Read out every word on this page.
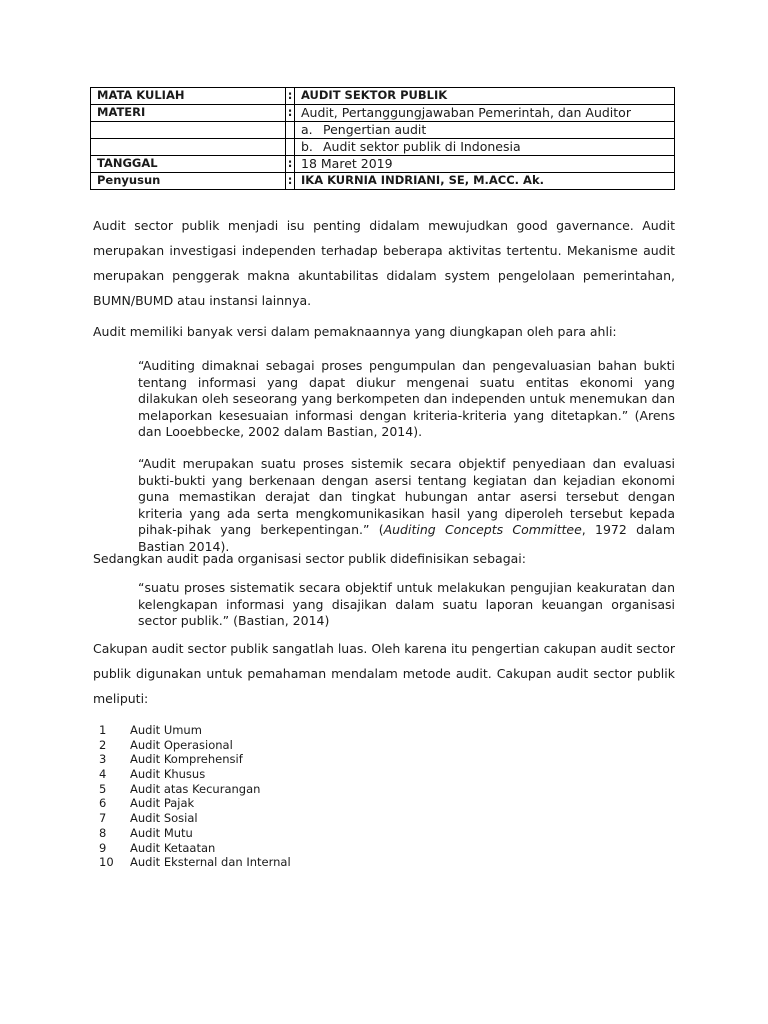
MATA KULIAH	:	AUDIT SEKTOR PUBLIK
MATERI	:	Audit, Pertanggungjawaban Pemerintah, dan Auditor
		a. Pengertian audit
		b. Audit sektor publik di Indonesia
TANGGAL	:	18 Maret 2019
Penyusun	:	IKA KURNIA INDRIANI, SE, M.ACC. Ak.
Audit sector publik menjadi isu penting didalam mewujudkan good gavernance. Audit merupakan investigasi independen terhadap beberapa aktivitas tertentu. Mekanisme audit merupakan penggerak makna akuntabilitas didalam system pengelolaan pemerintahan, BUMN/BUMD atau instansi lainnya.
Audit memiliki banyak versi dalam pemaknaannya yang diungkapan oleh para ahli:
“Auditing dimaknai sebagai proses pengumpulan dan pengevaluasian bahan bukti tentang informasi yang dapat diukur mengenai suatu entitas ekonomi yang dilakukan oleh seseorang yang berkompeten dan independen untuk menemukan dan melaporkan kesesuaian informasi dengan kriteria-kriteria yang ditetapkan.” (Arens dan Looebbecke, 2002 dalam Bastian, 2014).
“Audit merupakan suatu proses sistemik secara objektif penyediaan dan evaluasi bukti-bukti yang berkenaan dengan asersi tentang kegiatan dan kejadian ekonomi guna memastikan derajat dan tingkat hubungan antar asersi tersebut dengan kriteria yang ada serta mengkomunikasikan hasil yang diperoleh tersebut kepada pihak-pihak yang berkepentingan.” (Auditing Concepts Committee, 1972 dalam Bastian 2014).
Sedangkan audit pada organisasi sector publik didefinisikan sebagai:
“suatu proses sistematik secara objektif untuk melakukan pengujian keakuratan dan kelengkapan informasi yang disajikan dalam suatu laporan keuangan organisasi sector publik.” (Bastian, 2014)
Cakupan audit sector publik sangatlah luas. Oleh karena itu pengertian cakupan audit sector publik digunakan untuk pemahaman mendalam metode audit. Cakupan audit sector publik meliputi:
1 Audit Umum
2 Audit Operasional
3 Audit Komprehensif
4 Audit Khusus
5 Audit atas Kecurangan
6 Audit Pajak
7 Audit Sosial
8 Audit Mutu
9 Audit Ketaatan
10 Audit Eksternal dan Internal
